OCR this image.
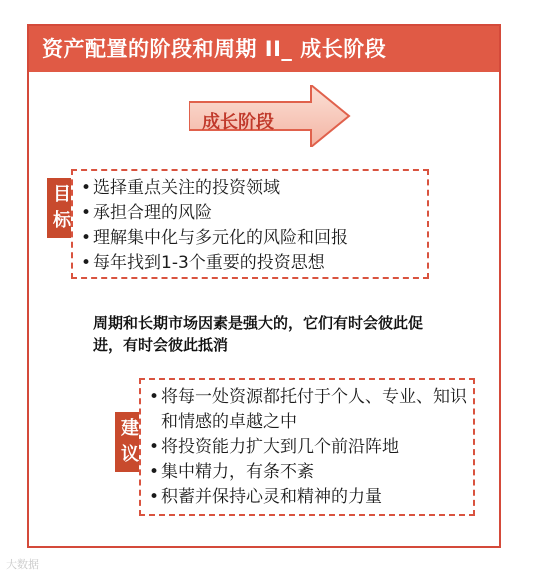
资产配置的阶段和周期 II_ 成长阶段
成长阶段
目标
• 选择重点关注的投资领域
• 承担合理的风险
• 理解集中化与多元化的风险和回报
• 每年找到1-3个重要的投资思想
周期和长期市场因素是强大的，它们有时会彼此促进，有时会彼此抵消
建议
• 将每一处资源都托付于个人、专业、知识和情感的卓越之中
• 将投资能力扩大到几个前沿阵地
• 集中精力，有条不紊
• 积蓄并保持心灵和精神的力量
大数据
